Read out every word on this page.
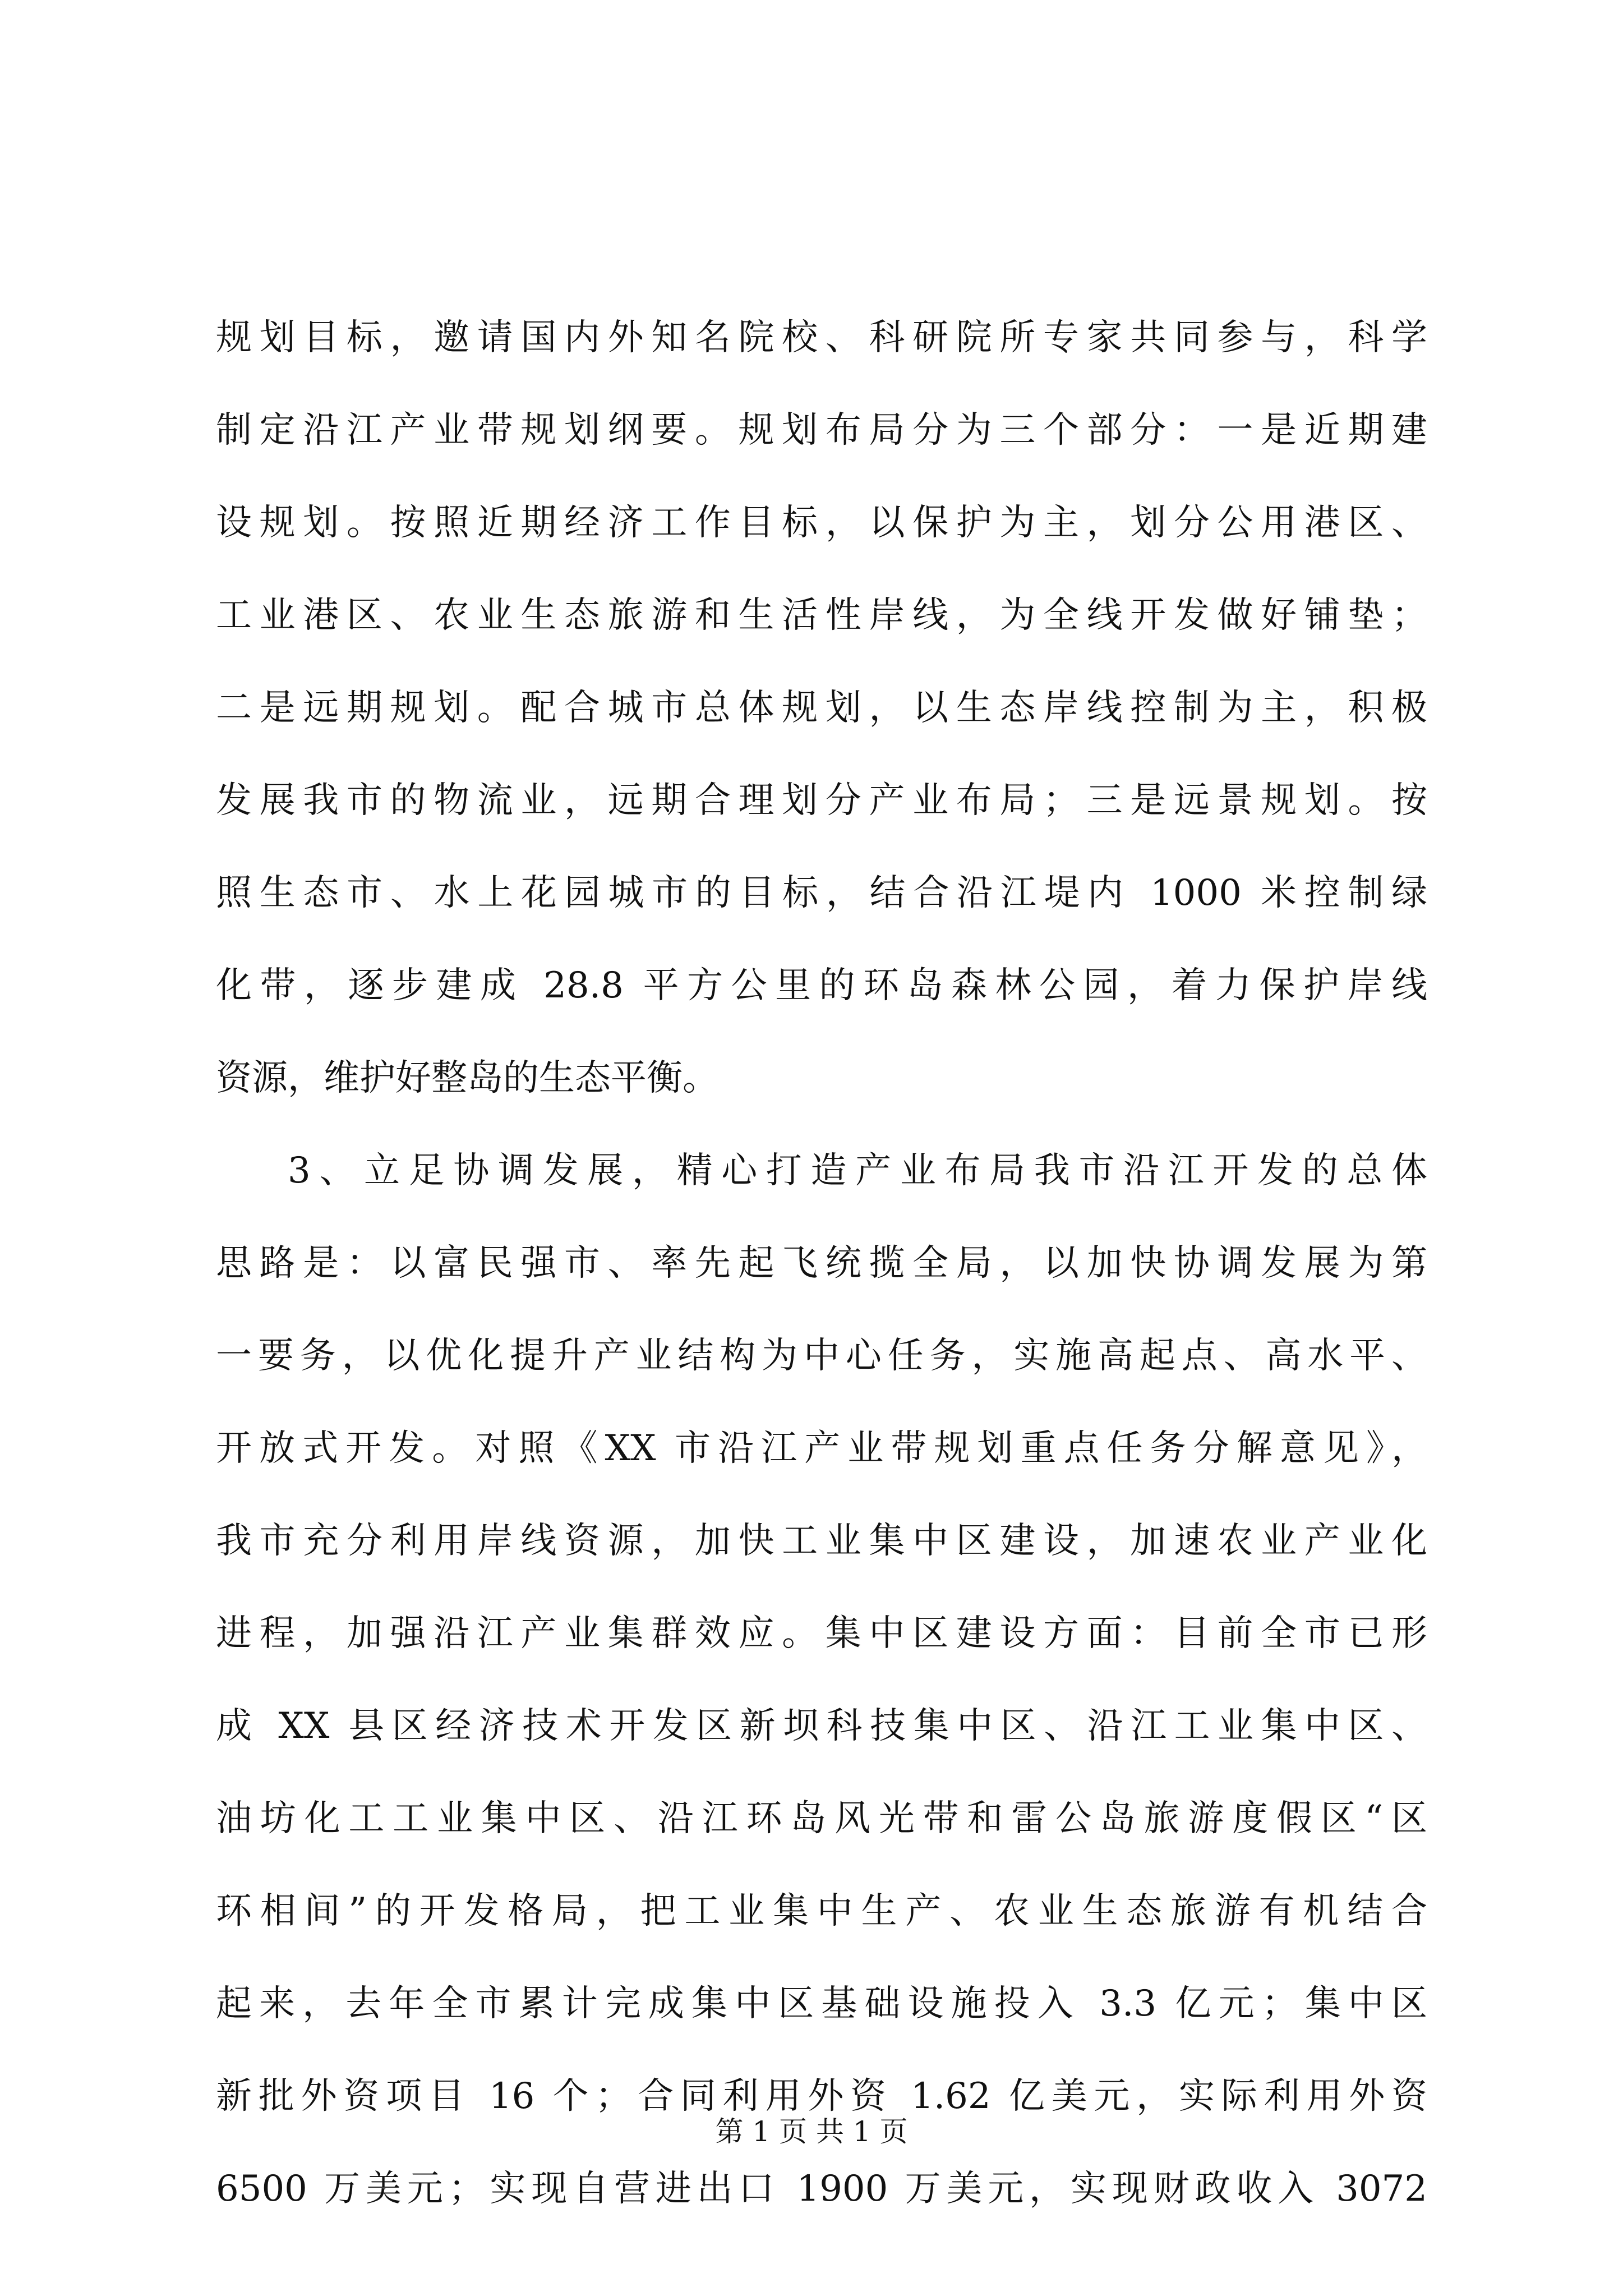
规划目标，邀请国内外知名院校、科研院所专家共同参与，科学
制定沿江产业带规划纲要。规划布局分为三个部分：一是近期建
设规划。按照近期经济工作目标，以保护为主，划分公用港区、
工业港区、农业生态旅游和生活性岸线，为全线开发做好铺垫；
二是远期规划。配合城市总体规划，以生态岸线控制为主，积极
发展我市的物流业，远期合理划分产业布局；三是远景规划。按
照生态市、水上花园城市的目标，结合沿江堤内 1000 米控制绿
化带，逐步建成 28.8 平方公里的环岛森林公园，着力保护岸线
资源，维护好整岛的生态平衡。
3、立足协调发展，精心打造产业布局我市沿江开发的总体
思路是：以富民强市、率先起飞统揽全局，以加快协调发展为第
一要务，以优化提升产业结构为中心任务，实施高起点、高水平、
开放式开发。对照《XX 市沿江产业带规划重点任务分解意见》，
我市充分利用岸线资源，加快工业集中区建设，加速农业产业化
进程，加强沿江产业集群效应。集中区建设方面：目前全市已形
成 XX 县区经济技术开发区新坝科技集中区、沿江工业集中区、
油坊化工工业集中区、沿江环岛风光带和雷公岛旅游度假区“区
环相间”的开发格局，把工业集中生产、农业生态旅游有机结合
起来，去年全市累计完成集中区基础设施投入 3.3 亿元；集中区
新批外资项目 16 个；合同利用外资 1.62 亿美元，实际利用外资
6500 万美元；实现自营进出口 1900 万美元，实现财政收入 3072
第 1 页 共 1 页
